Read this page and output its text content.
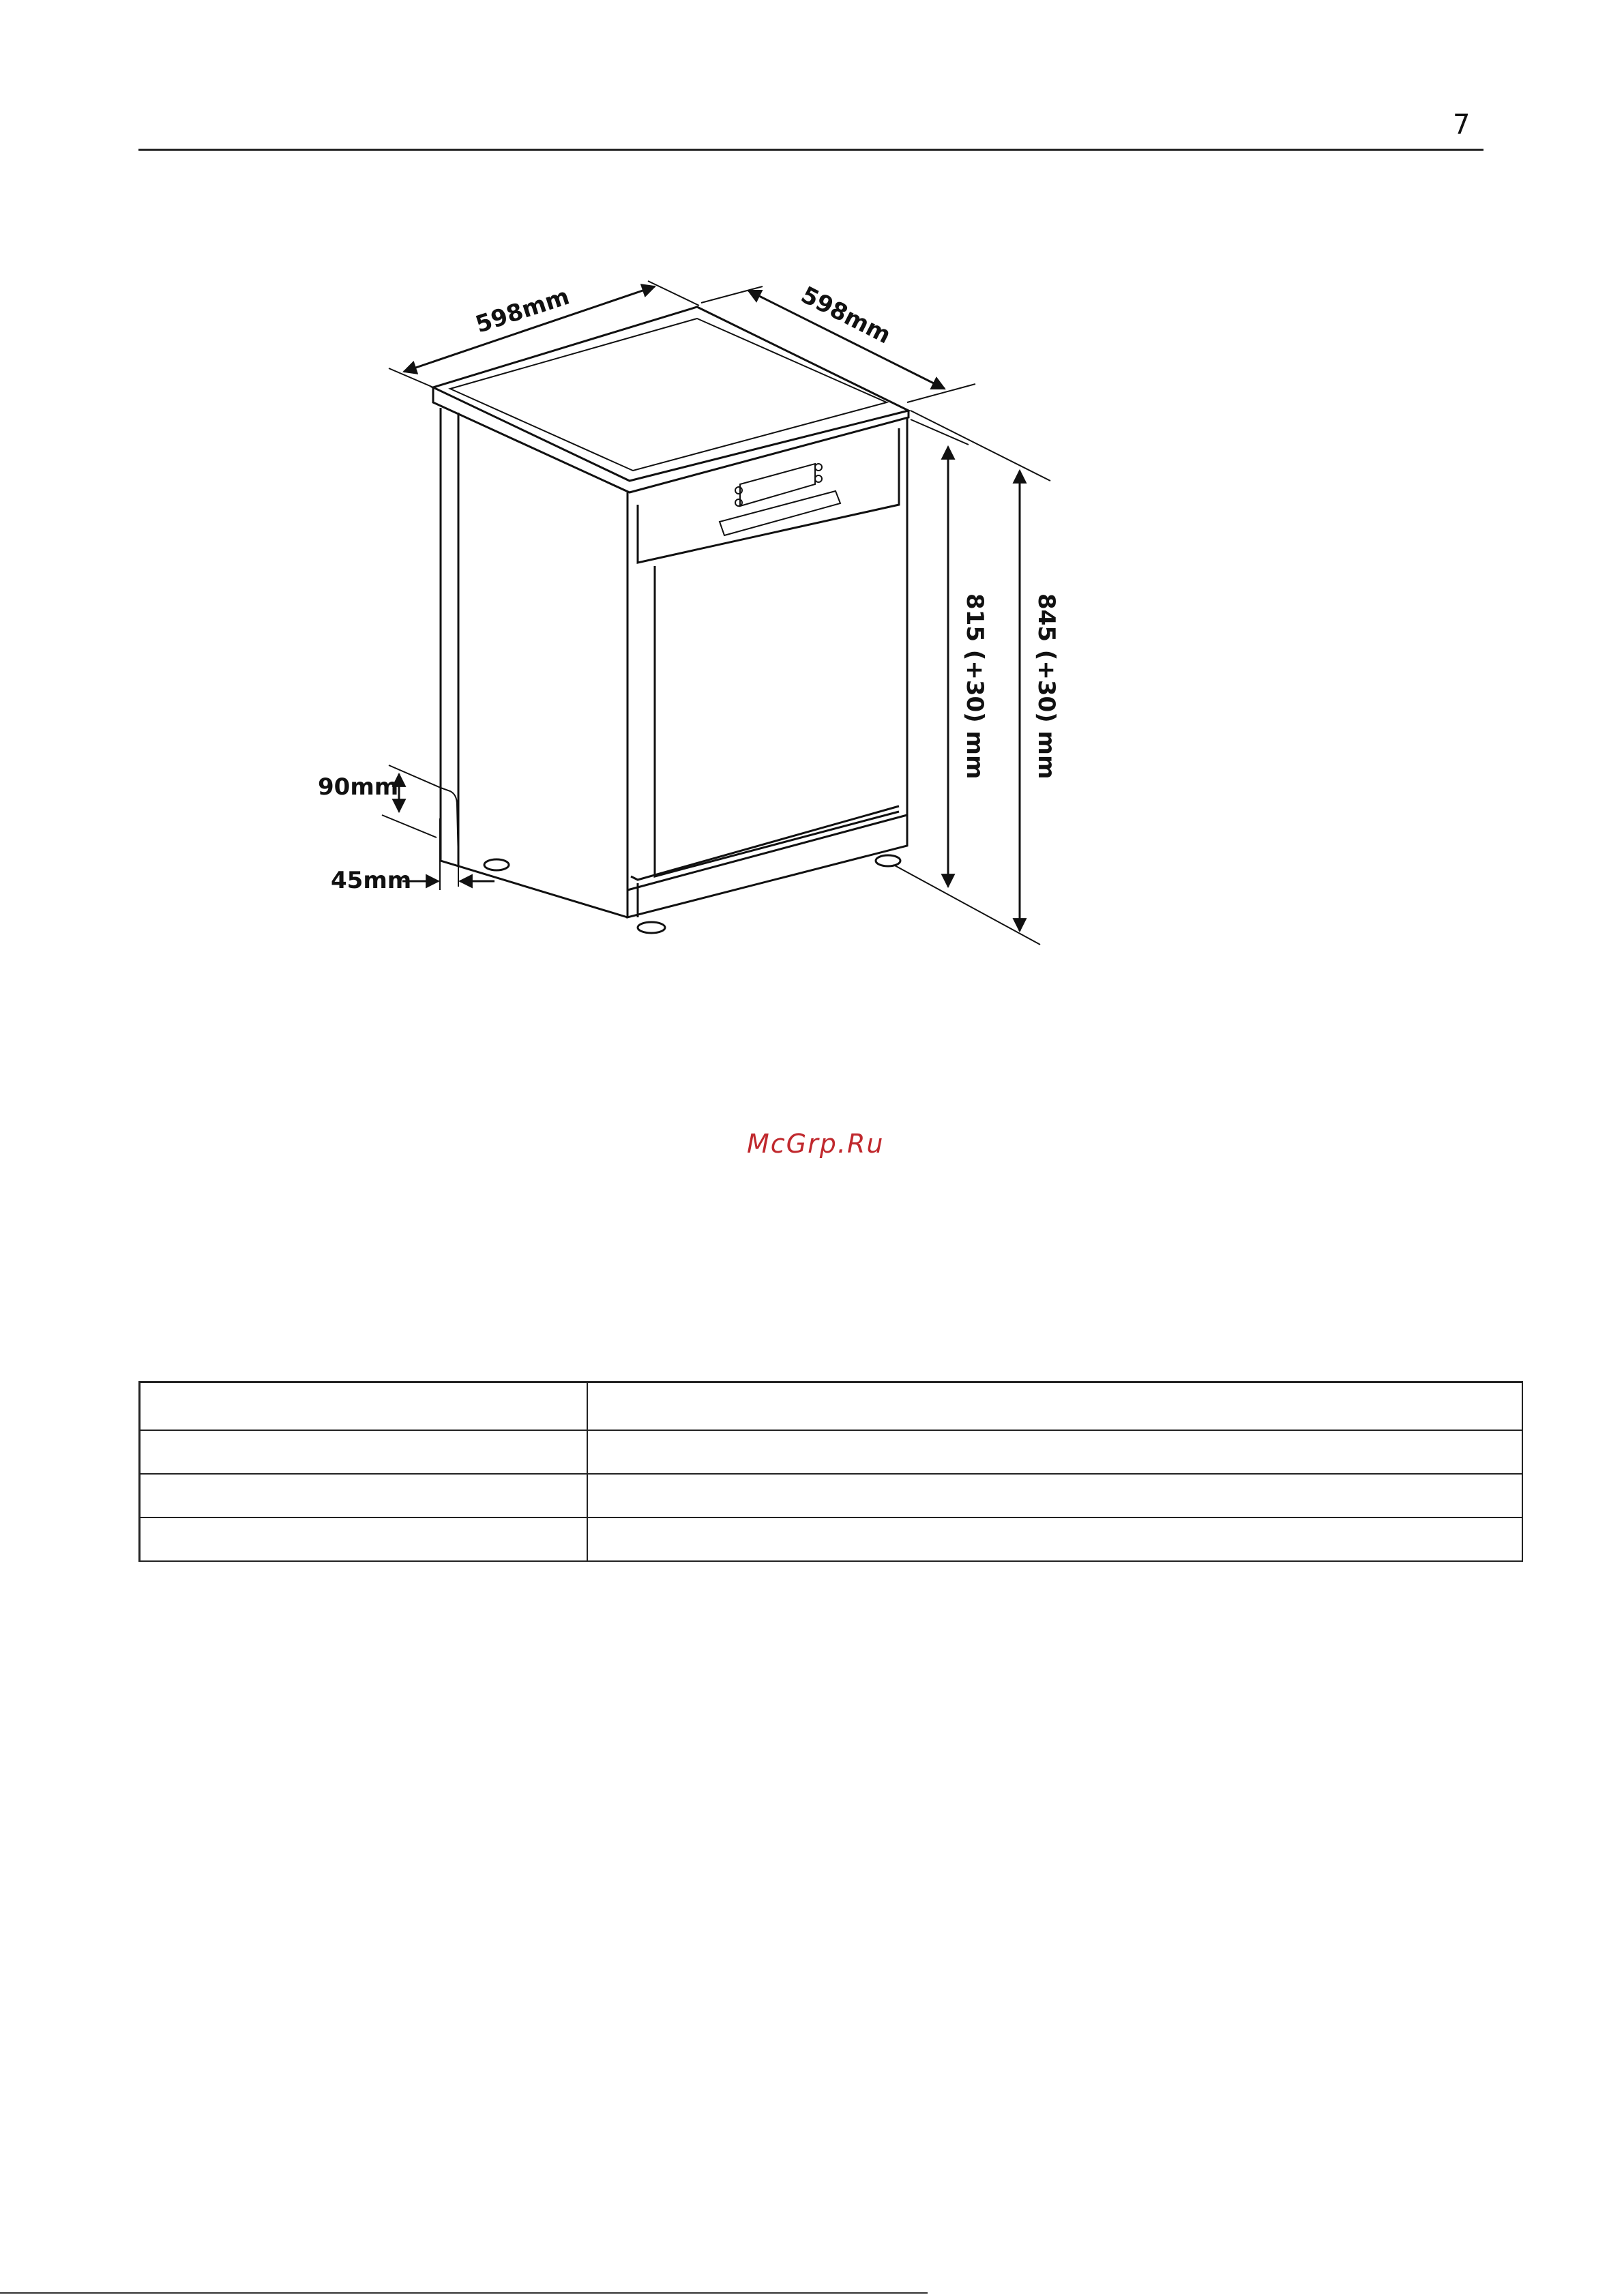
7
598mm	598mm
815 (+30) mm 845 (+30) mm
90mm
45mm
McGrp.Ru
